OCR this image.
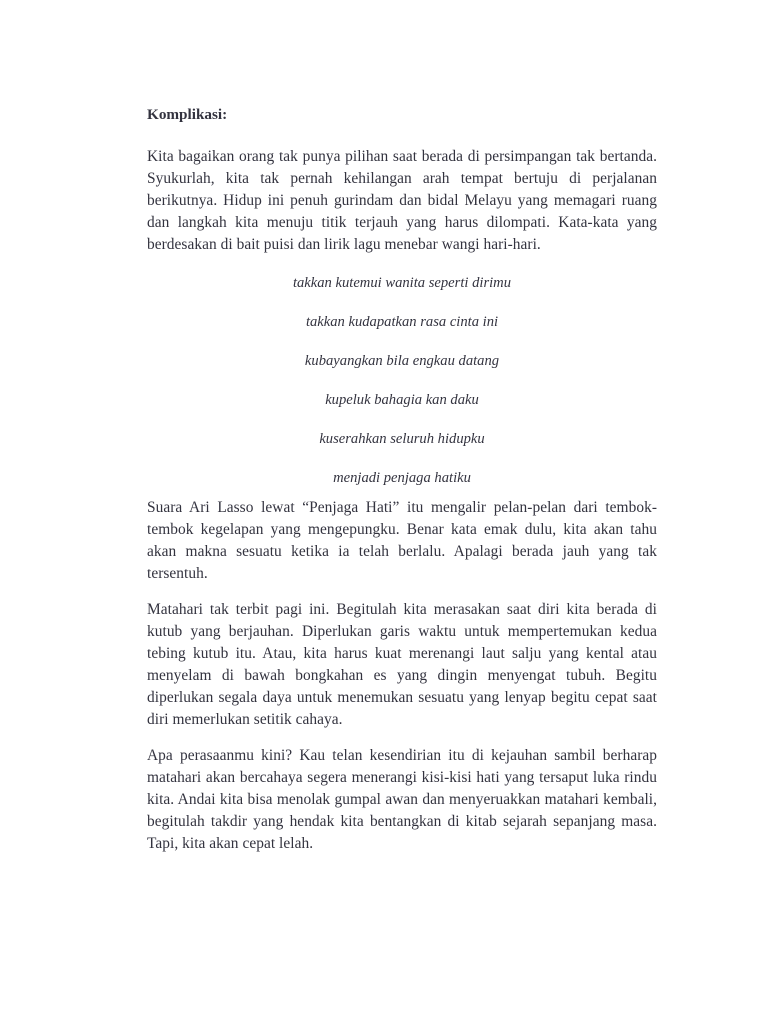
Komplikasi:

Kita bagaikan orang tak punya pilihan saat berada di persimpangan tak bertanda. Syukurlah, kita tak pernah kehilangan arah tempat bertuju di perjalanan berikutnya. Hidup ini penuh gurindam dan bidal Melayu yang memagari ruang dan langkah kita menuju titik terjauh yang harus dilompati. Kata-kata yang berdesakan di bait puisi dan lirik lagu menebar wangi hari-hari.

takkan kutemui wanita seperti dirimu

takkan kudapatkan rasa cinta ini

kubayangkan bila engkau datang

kupeluk bahagia kan daku

kuserahkan seluruh hidupku

menjadi penjaga hatiku

Suara Ari Lasso lewat “Penjaga Hati” itu mengalir pelan-pelan dari tembok-tembok kegelapan yang mengepungku. Benar kata emak dulu, kita akan tahu akan makna sesuatu ketika ia telah berlalu. Apalagi berada jauh yang tak tersentuh.

Matahari tak terbit pagi ini. Begitulah kita merasakan saat diri kita berada di kutub yang berjauhan. Diperlukan garis waktu untuk mempertemukan kedua tebing kutub itu. Atau, kita harus kuat merenangi laut salju yang kental atau menyelam di bawah bongkahan es yang dingin menyengat tubuh. Begitu diperlukan segala daya untuk menemukan sesuatu yang lenyap begitu cepat saat diri memerlukan setitik cahaya.

Apa perasaanmu kini? Kau telan kesendirian itu di kejauhan sambil berharap matahari akan bercahaya segera menerangi kisi-kisi hati yang tersaput luka rindu kita. Andai kita bisa menolak gumpal awan dan menyeruakkan matahari kembali, begitulah takdir yang hendak kita bentangkan di kitab sejarah sepanjang masa. Tapi, kita akan cepat lelah.
